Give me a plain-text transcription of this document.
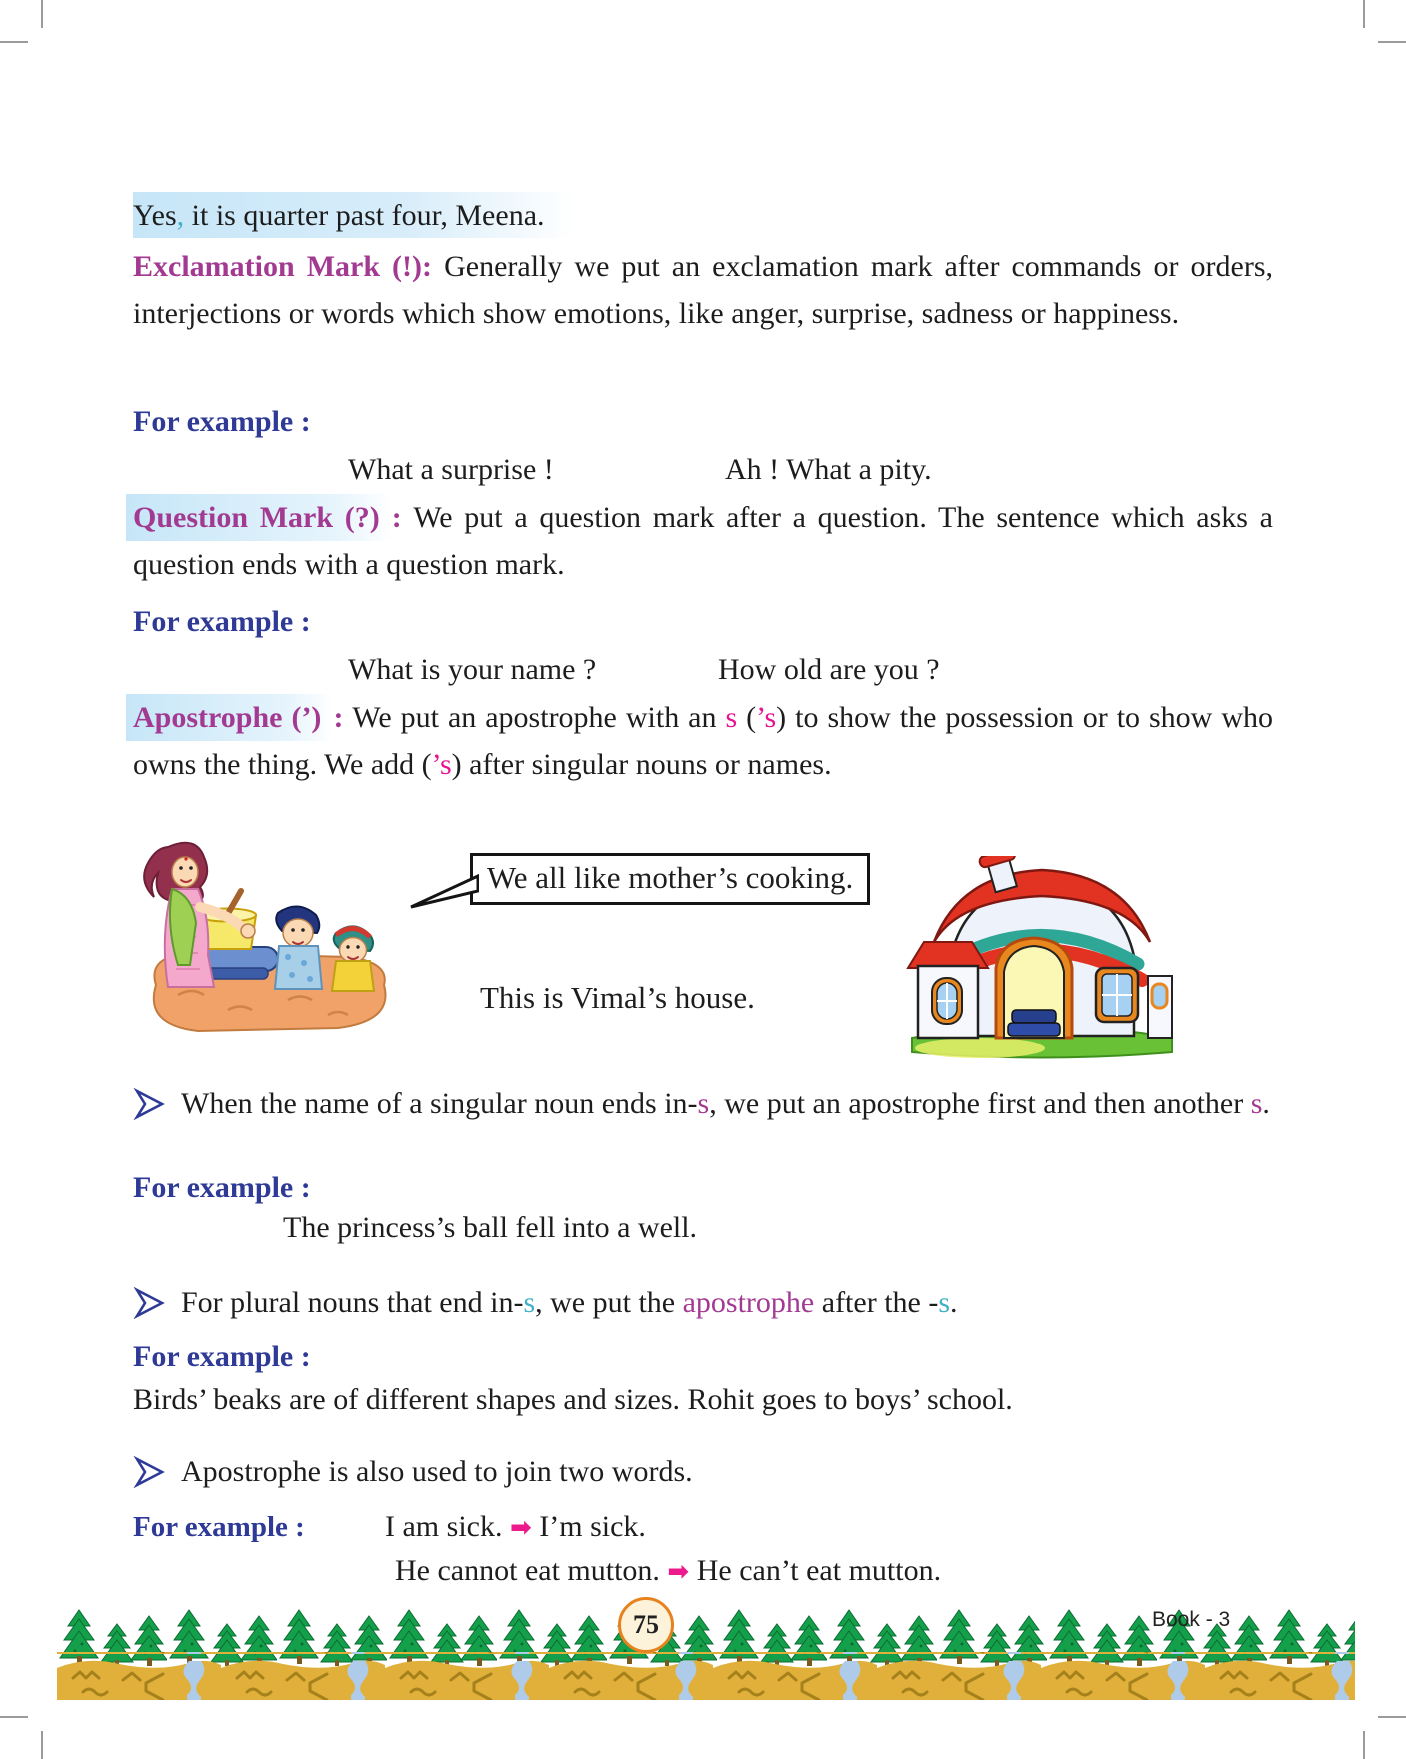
Yes, it is quarter past four, Meena.

Exclamation Mark (!): Generally we put an exclamation mark after commands or orders, interjections or words which show emotions, like anger, surprise, sadness or happiness.

For example :

What a surprise !	Ah ! What a pity.

Question Mark (?) : We put a question mark after a question. The sentence which asks a question ends with a question mark.

For example :

What is your name ?	How old are you ?

Apostrophe (’) : We put an apostrophe with an s (’s) to show the possession or to show who owns the thing. We add (’s) after singular nouns or names.

We all like mother’s cooking.
This is Vimal’s house.

When the name of a singular noun ends in-s, we put an apostrophe first and then another s.

For example :

The princess’s ball fell into a well.

For plural nouns that end in-s, we put the apostrophe after the -s.

For example :

Birds’ beaks are of different shapes and sizes. Rohit goes to boys’ school.

Apostrophe is also used to join two words.

For example :	I am sick. ➡ I’m sick.

He cannot eat mutton. ➡ He can’t eat mutton.

75	Book - 3
